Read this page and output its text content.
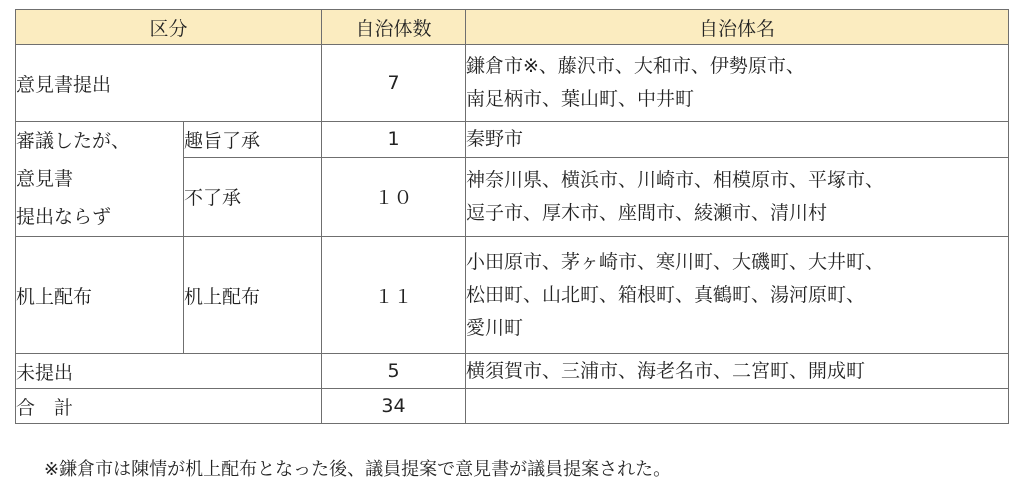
区分		自治体数	自治体名
意見書提出		7	鎌倉市※、藤沢市、大和市、伊勢原市、
南足柄市、葉山町、中井町

審議したが、
意見書
提出ならず	趣旨了承	1	秦野市
	不了承	１０	神奈川県、横浜市、川崎市、相模原市、平塚市、
逗子市、厚木市、座間市、綾瀬市、清川村

机上配布	机上配布	１１	小田原市、茅ヶ崎市、寒川町、大磯町、大井町、
松田町、山北町、箱根町、真鶴町、湯河原町、
愛川町

未提出		5	横須賀市、三浦市、海老名市、二宮町、開成町
合　計		34	
※鎌倉市は陳情が机上配布となった後、議員提案で意見書が議員提案された。
